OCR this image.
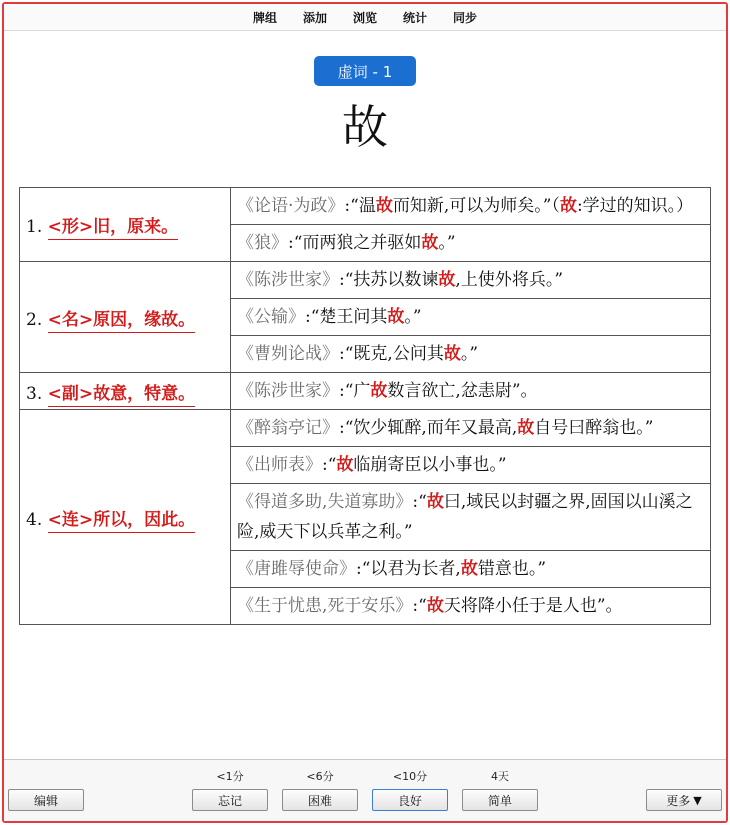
牌组	添加	浏览	统计	同步
虚词 - 1
故
1. <形>旧，原来。	《论语·为政》:“温故而知新,可以为师矣。”（故:学过的知识。）
	《狼》:“而两狼之并驱如故。”
2. <名>原因，缘故。	《陈涉世家》:“扶苏以数谏故,上使外将兵。”
	《公输》:“楚王问其故。”
	《曹刿论战》:“既克,公问其故。”
3. <副>故意，特意。	《陈涉世家》:“广故数言欲亡,忿恚尉”。
4. <连>所以，因此。	《醉翁亭记》:“饮少辄醉,而年又最高,故自号曰醉翁也。”
	《出师表》:“故临崩寄臣以小事也。”
	《得道多助,失道寡助》:“故曰,域民以封疆之界,固国以山溪之险,威天下以兵革之利。”
	《唐雎辱使命》:“以君为长者,故错意也。”
	《生于忧患,死于安乐》:“故天将降小任于是人也”。
<1分	<6分	<10分	4天
编辑	忘记	困难	良好	简单	更多 ▼
